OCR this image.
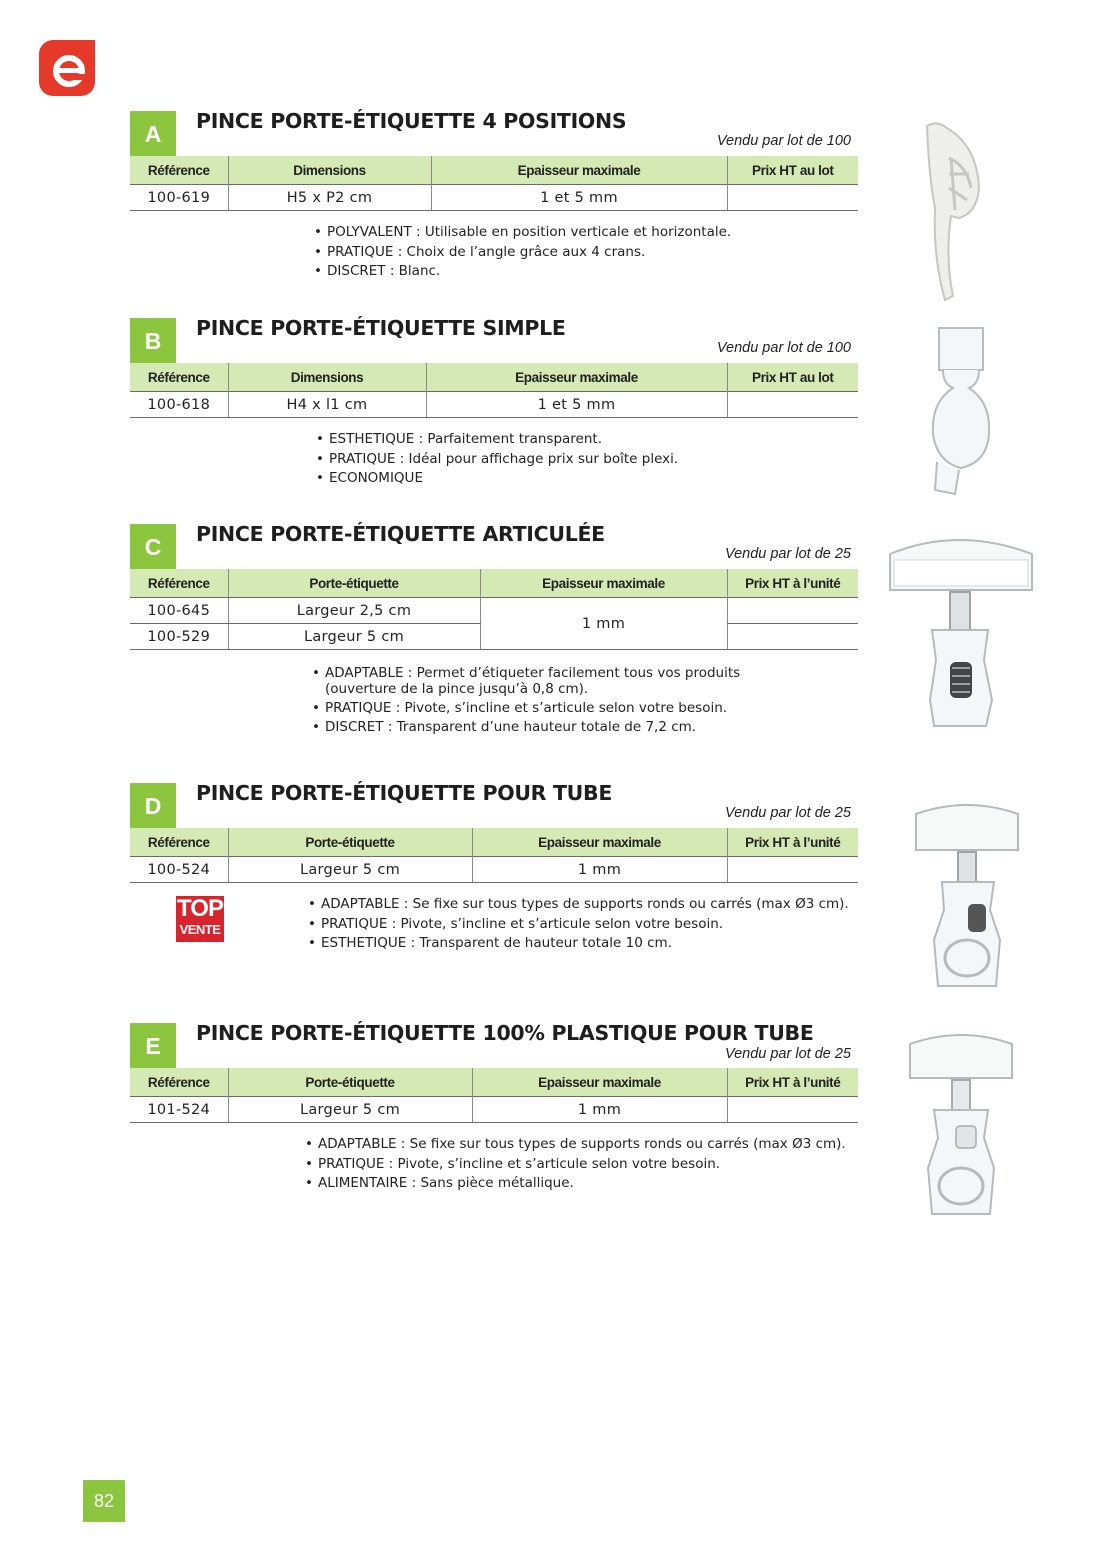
A	PINCE PORTE-ÉTIQUETTE 4 POSITIONS
Vendu par lot de 100
Référence	Dimensions	Epaisseur maximale	Prix HT au lot
100-619	H5 x P2 cm	1 et 5 mm	
• POLYVALENT : Utilisable en position verticale et horizontale.
• PRATIQUE : Choix de l’angle grâce aux 4 crans.
• DISCRET : Blanc.
B	PINCE PORTE-ÉTIQUETTE SIMPLE
Vendu par lot de 100
Référence	Dimensions	Epaisseur maximale	Prix HT au lot
100-618	H4 x l1 cm	1 et 5 mm	
• ESTHETIQUE : Parfaitement transparent.
• PRATIQUE : Idéal pour affichage prix sur boîte plexi.
• ECONOMIQUE
C	PINCE PORTE-ÉTIQUETTE ARTICULÉE
Vendu par lot de 25
Référence	Porte-étiquette	Epaisseur maximale	Prix HT à l’unité
100-645	Largeur 2,5 cm	1 mm	
100-529	Largeur 5 cm		
• ADAPTABLE : Permet d’étiqueter facilement tous vos produits
(ouverture de la pince jusqu’à 0,8 cm).
• PRATIQUE : Pivote, s’incline et s’articule selon votre besoin.
• DISCRET : Transparent d’une hauteur totale de 7,2 cm.
D	PINCE PORTE-ÉTIQUETTE POUR TUBE
Vendu par lot de 25
Référence	Porte-étiquette	Epaisseur maximale	Prix HT à l’unité
100-524	Largeur 5 cm	1 mm	
• ADAPTABLE : Se fixe sur tous types de supports ronds ou carrés (max Ø3 cm).
• PRATIQUE : Pivote, s’incline et s’articule selon votre besoin.
• ESTHETIQUE : Transparent de hauteur totale 10 cm.
TOP
VENTE
E	PINCE PORTE-ÉTIQUETTE 100% PLASTIQUE POUR TUBE
Vendu par lot de 25
Référence	Porte-étiquette	Epaisseur maximale	Prix HT à l’unité
101-524	Largeur 5 cm	1 mm	
• ADAPTABLE : Se fixe sur tous types de supports ronds ou carrés (max Ø3 cm).
• PRATIQUE : Pivote, s’incline et s’articule selon votre besoin.
• ALIMENTAIRE : Sans pièce métallique.
82
